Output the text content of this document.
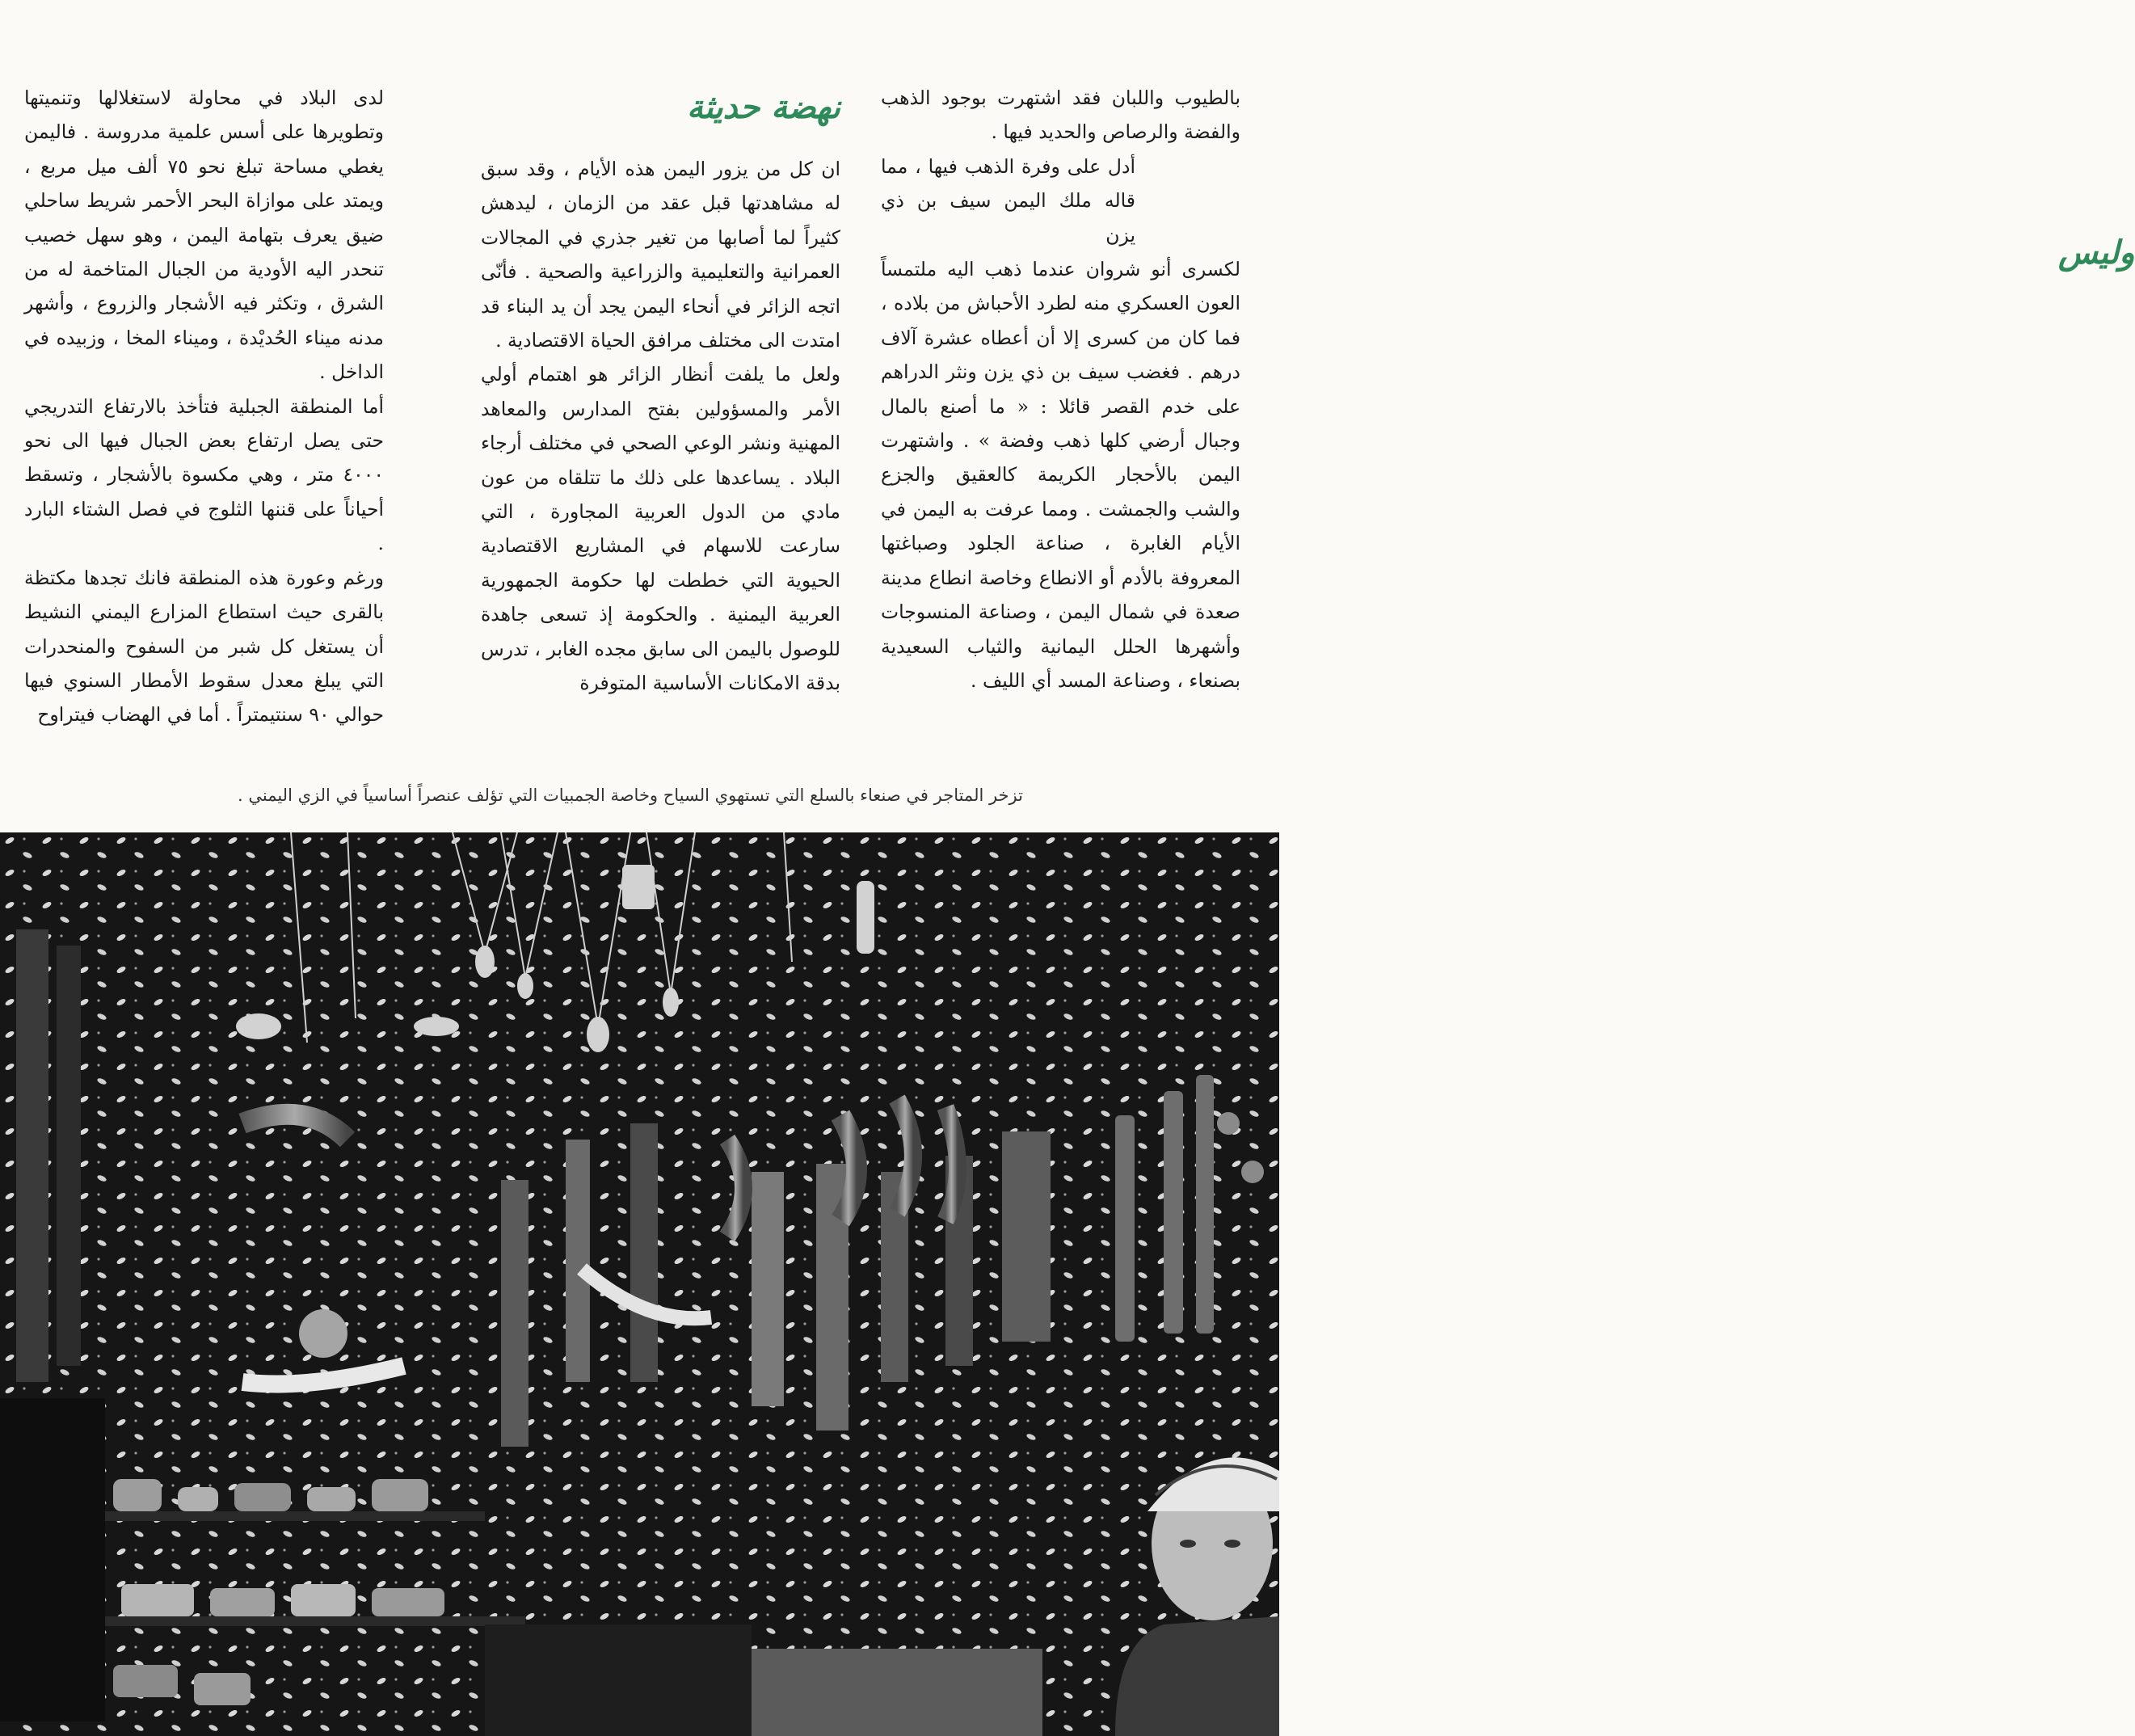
نهضة حديثة بالطيوب واللبان فقد اشتهرت بوجود الذهب والفضة والرصاص والحديد فيها .

وليس

أدل على وفرة الذهب فيها ، مما قاله ملك اليمن سيف بن ذي يزن

لكسرى أنو شروان عندما ذهب اليه ملتمساً العون العسكري منه لطرد الأحباش من بلاده ، فما كان من كسرى إلا أن أعطاه عشرة آلاف درهم . فغضب سيف بن ذي يزن ونثر الدراهم على خدم القصر قائلا : « ما أصنع بالمال وجبال أرضي كلها ذهب وفضة » . واشتهرت اليمن بالأحجار الكريمة كالعقيق والجزع والشب والجمشت . ومما عرفت به اليمن في الأيام الغابرة ، صناعة الجلود وصباغتها المعروفة بالأدم أو الانطاع وخاصة انطاع مدينة صعدة في شمال اليمن ، وصناعة المنسوجات وأشهرها الحلل اليمانية والثياب السعيدية بصنعاء ، وصناعة المسد أي الليف .

ان كل من يزور اليمن هذه الأيام ، وقد سبق له مشاهدتها قبل عقد من الزمان ، ليدهش كثيراً لما أصابها من تغير جذري في المجالات العمرانية والتعليمية والزراعية والصحية . فأنّى اتجه الزائر في أنحاء اليمن يجد أن يد البناء قد امتدت الى مختلف مرافق الحياة الاقتصادية .

ولعل ما يلفت أنظار الزائر هو اهتمام أولي الأمر والمسؤولين بفتح المدارس والمعاهد المهنية ونشر الوعي الصحي في مختلف أرجاء البلاد . يساعدها على ذلك ما تتلقاه من عون مادي من الدول العربية المجاورة ، التي سارعت للاسهام في المشاريع الاقتصادية الحيوية التي خططت لها حكومة الجمهورية العربية اليمنية . والحكومة إذ تسعى جاهدة للوصول باليمن الى سابق مجده الغابر ، تدرس بدقة الامكانات الأساسية المتوفرة

لدى البلاد في محاولة لاستغلالها وتنميتها وتطويرها على أسس علمية مدروسة . فاليمن يغطي مساحة تبلغ نحو ٧٥ ألف ميل مربع ، ويمتد على موازاة البحر الأحمر شريط ساحلي ضيق يعرف بتهامة اليمن ، وهو سهل خصيب تنحدر اليه الأودية من الجبال المتاخمة له من الشرق ، وتكثر فيه الأشجار والزروع ، وأشهر مدنه ميناء الحُديْدة ، وميناء المخا ، وزبيده في الداخل .

أما المنطقة الجبلية فتأخذ بالارتفاع التدريجي حتى يصل ارتفاع بعض الجبال فيها الى نحو ٤٠٠٠ متر ، وهي مكسوة بالأشجار ، وتسقط أحياناً على قننها الثلوج في فصل الشتاء البارد .

ورغم وعورة هذه المنطقة فانك تجدها مكتظة بالقرى حيث استطاع المزارع اليمني النشيط أن يستغل كل شبر من السفوح والمنحدرات التي يبلغ معدل سقوط الأمطار السنوي فيها حوالي ٩٠ سنتيمتراً . أما في الهضاب فيتراوح

تزخر المتاجر في صنعاء بالسلع التي تستهوي السياح وخاصة الجمبيات التي تؤلف عنصراً أساسياً في الزي اليمني .
